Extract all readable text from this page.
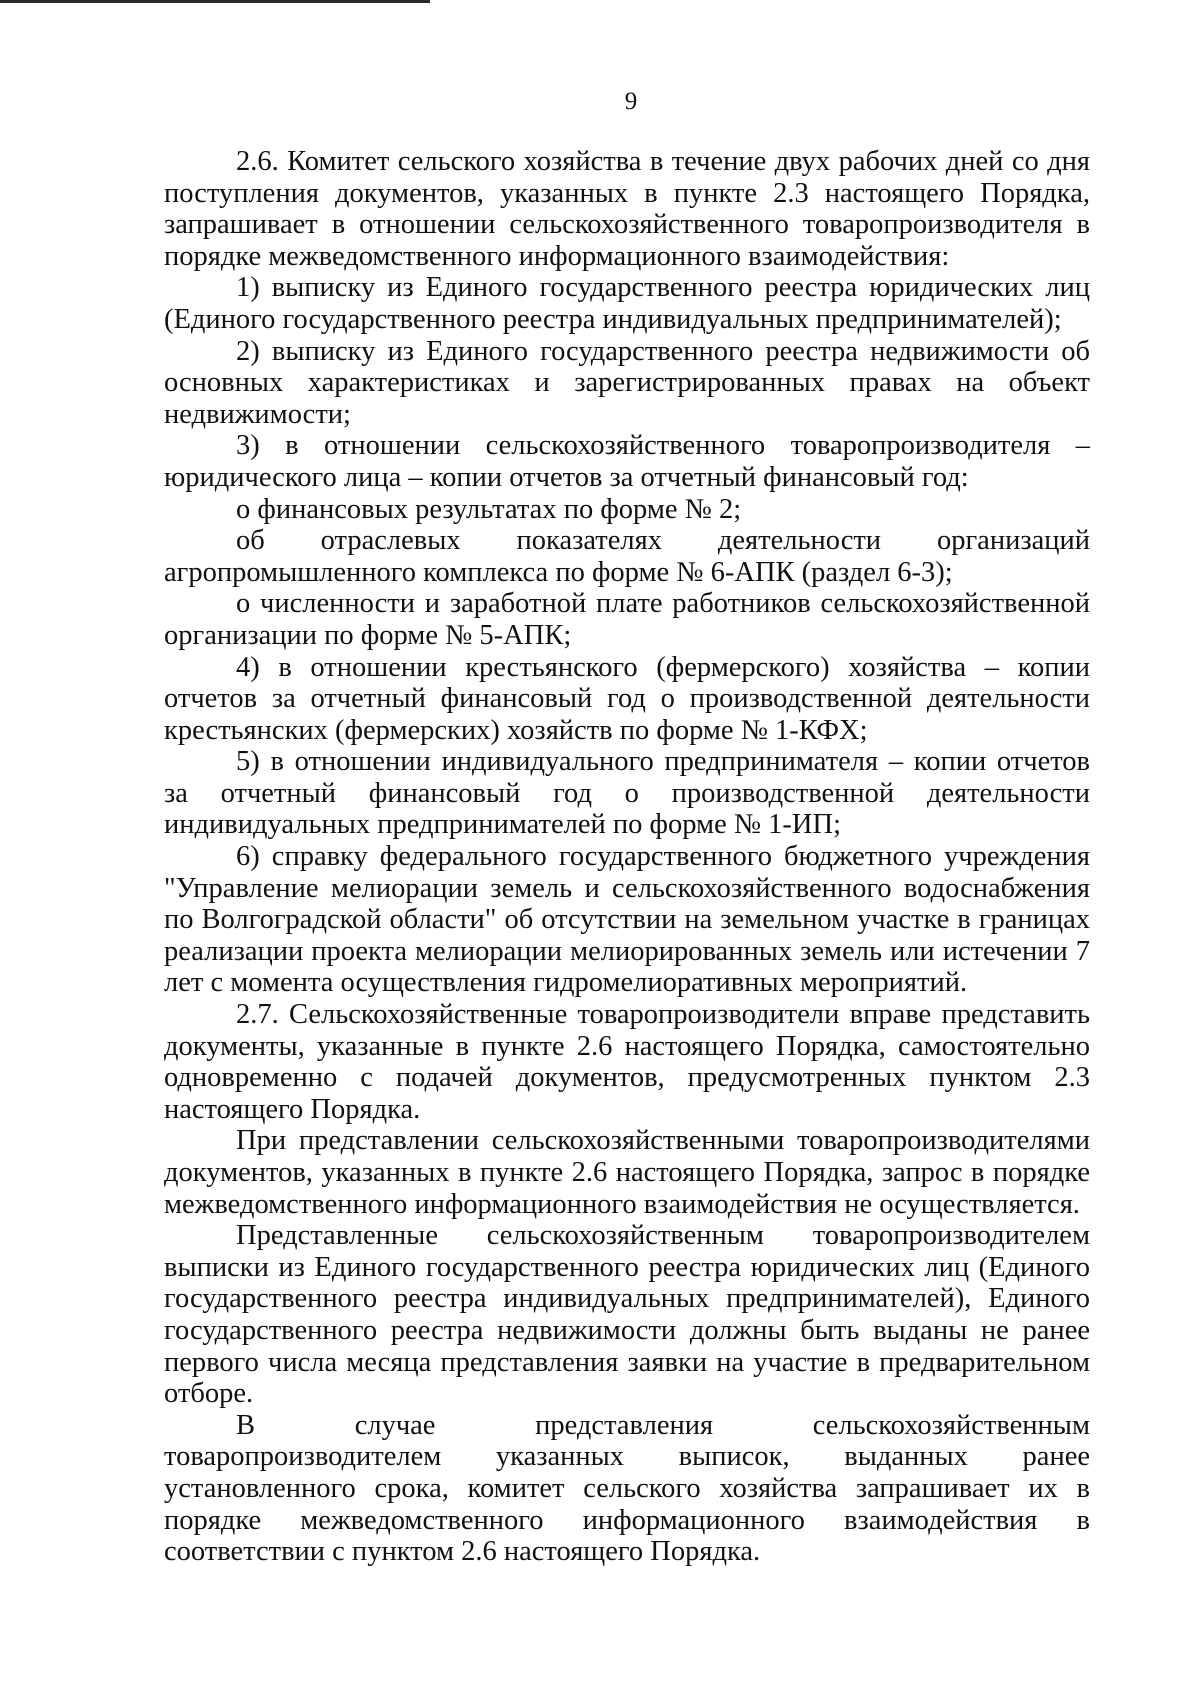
9

2.6. Комитет сельского хозяйства в течение двух рабочих дней со дня поступления документов, указанных в пункте 2.3 настоящего Порядка, запрашивает в отношении сельскохозяйственного товаропроизводителя в порядке межведомственного информационного взаимодействия:

1) выписку из Единого государственного реестра юридических лиц (Единого государственного реестра индивидуальных предпринимателей);

2) выписку из Единого государственного реестра недвижимости об основных характеристиках и зарегистрированных правах на объект недвижимости;

3) в отношении сельскохозяйственного товаропроизводителя – юридического лица – копии отчетов за отчетный финансовый год:

о финансовых результатах по форме № 2;

об отраслевых показателях деятельности организаций агропромышленного комплекса по форме № 6-АПК (раздел 6-3);

о численности и заработной плате работников сельскохозяйственной организации по форме № 5-АПК;

4) в отношении крестьянского (фермерского) хозяйства – копии отчетов за отчетный финансовый год о производственной деятельности крестьянских (фермерских) хозяйств по форме № 1-КФХ;

5) в отношении индивидуального предпринимателя – копии отчетов за отчетный финансовый год о производственной деятельности индивидуальных предпринимателей по форме № 1-ИП;

6) справку федерального государственного бюджетного учреждения "Управление мелиорации земель и сельскохозяйственного водоснабжения по Волгоградской области" об отсутствии на земельном участке в границах реализации проекта мелиорации мелиорированных земель или истечении 7 лет с момента осуществления гидромелиоративных мероприятий.

2.7. Сельскохозяйственные товаропроизводители вправе представить документы, указанные в пункте 2.6 настоящего Порядка, самостоятельно одновременно с подачей документов, предусмотренных пунктом 2.3 настоящего Порядка.

При представлении сельскохозяйственными товаропроизводителями документов, указанных в пункте 2.6 настоящего Порядка, запрос в порядке межведомственного информационного взаимодействия не осуществляется.

Представленные сельскохозяйственным товаропроизводителем выписки из Единого государственного реестра юридических лиц (Единого государственного реестра индивидуальных предпринимателей), Единого государственного реестра недвижимости должны быть выданы не ранее первого числа месяца представления заявки на участие в предварительном отборе.

В случае представления сельскохозяйственным товаропроизводителем указанных выписок, выданных ранее установленного срока, комитет сельского хозяйства запрашивает их в порядке межведомственного информационного взаимодействия в соответствии с пунктом 2.6 настоящего Порядка.
